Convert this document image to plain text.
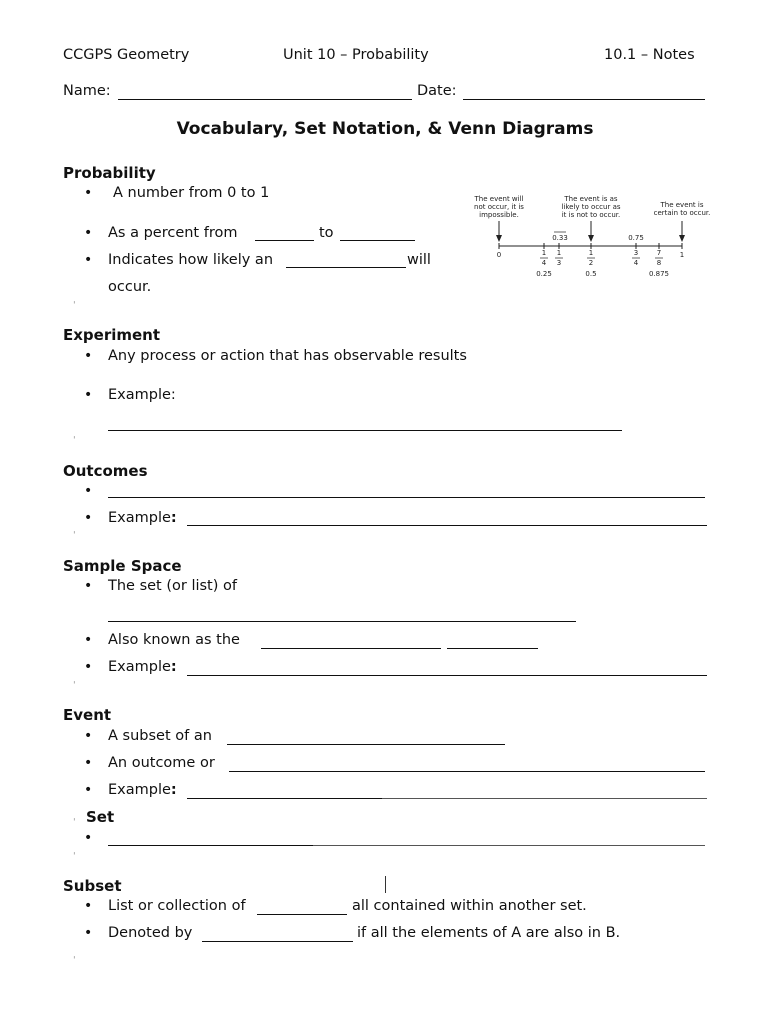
CCGPS Geometry	Unit 10 – Probability	10.1 – Notes
Name:	Date:
Vocabulary, Set Notation, & Venn Diagrams
Probability
• A number from 0 to 1
• As a percent from	to
• Indicates how likely an	will
occur.
ˈ
The event will
not occur, it is
impossible.
The event is as
likely to occur as
it is not to occur.
The event is
certain to occur.
0.33	0.75
0	1
1
4
1
3
1
2
3
4
7
8
0.25	0.5	0.875
Experiment
• Any process or action that has observable results
• Example:
ˈ
Outcomes
•
• Example:
ˈ
Sample Space
• The set (or list) of
• Also known as the
• Example:
ˈ
Event
• A subset of an
• An outcome or
• Example:
ˈ Set
•
ˈ
Subset
• List or collection of	all contained within another set.
• Denoted by	if all the elements of A are also in B.
ˈ
